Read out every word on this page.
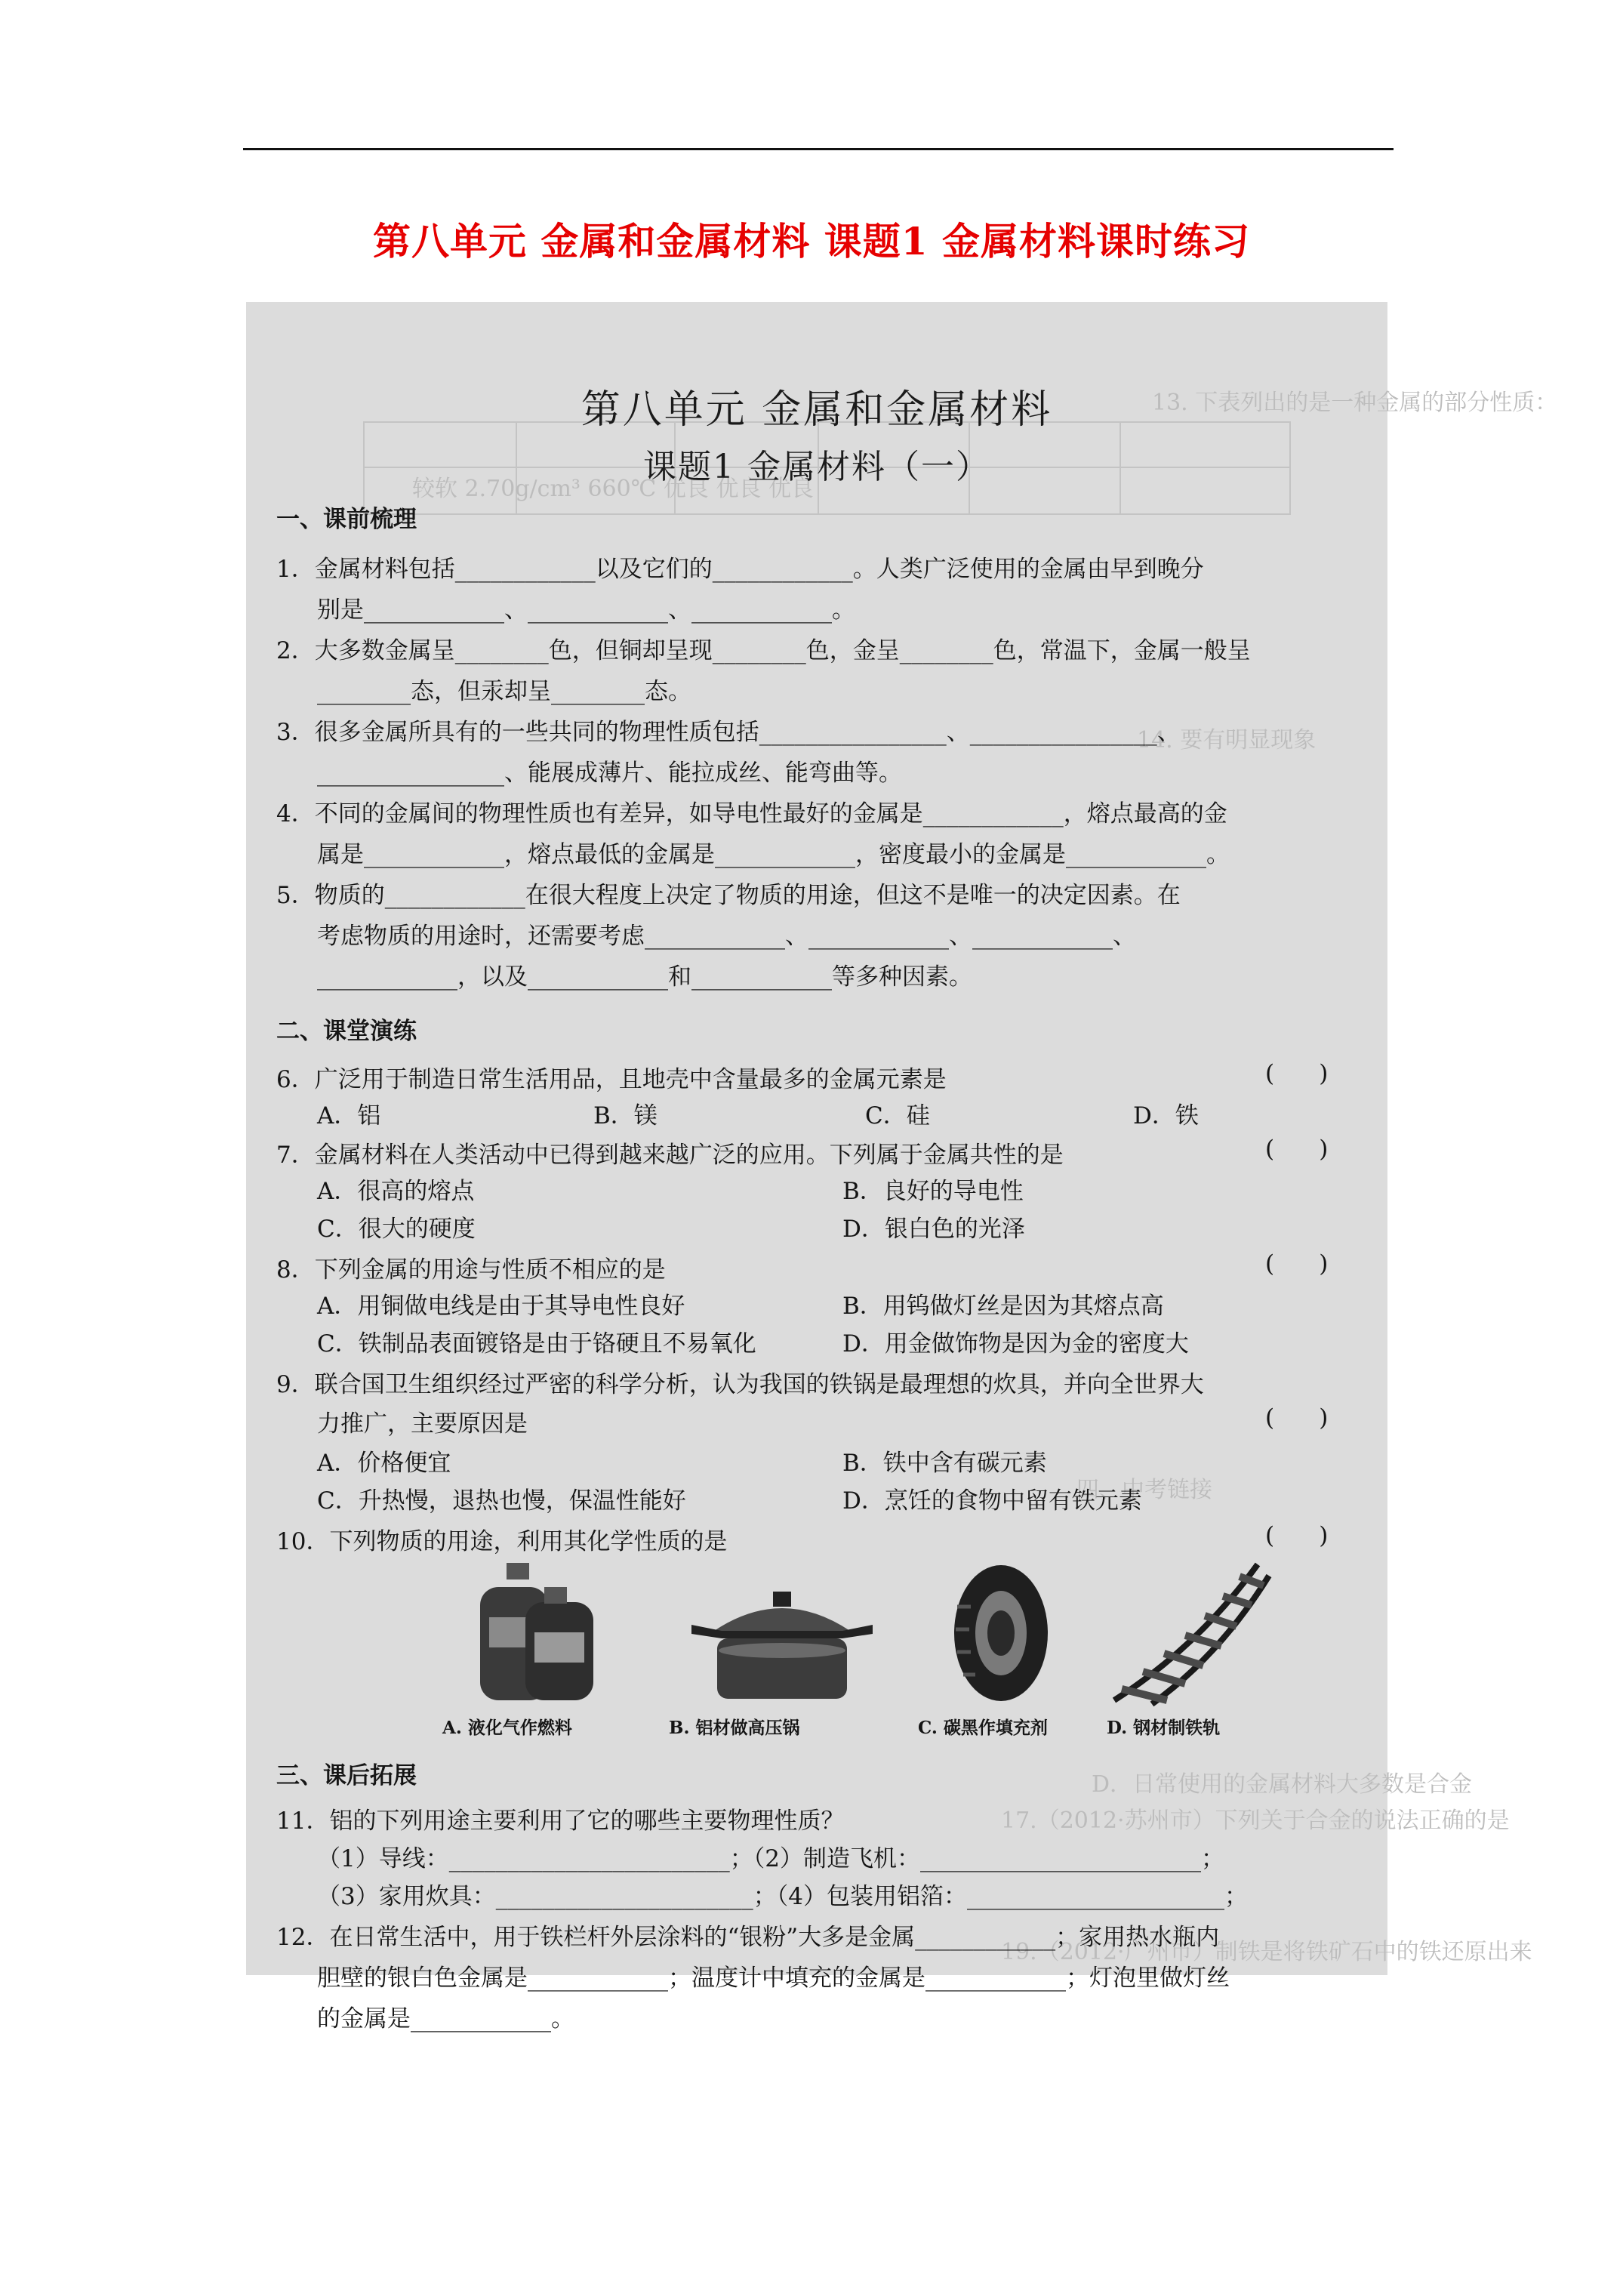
第八单元 金属和金属材料 课题1 金属材料课时练习
13. 下表列出的是一种金属的部分性质：
较软 2.70g/cm³ 660℃ 优良 优良 优良
14. 要有明显现象
四、中考链接
D．日常使用的金属材料大多数是合金
17.（2012·苏州市）下列关于合金的说法正确的是
19.（2012·广州市）制铁是将铁矿石中的铁还原出来
第八单元 金属和金属材料
课题1 金属材料（一）
一、课前梳理
1．金属材料包括____________以及它们的____________。人类广泛使用的金属由早到晚分
别是____________、____________、____________。
2．大多数金属呈________色，但铜却呈现________色，金呈________色，常温下，金属一般呈
________态，但汞却呈________态。
3．很多金属所具有的一些共同的物理性质包括________________、________________、
________________、能展成薄片、能拉成丝、能弯曲等。
4．不同的金属间的物理性质也有差异，如导电性最好的金属是____________，熔点最高的金
属是____________，熔点最低的金属是____________，密度最小的金属是____________。
5．物质的____________在很大程度上决定了物质的用途，但这不是唯一的决定因素。在
考虑物质的用途时，还需要考虑____________、____________、____________、
____________，以及____________和____________等多种因素。
二、课堂演练
6．广泛用于制造日常生活用品，且地壳中含量最多的金属元素是	(      )
A．铝	B．镁	C．硅	D．铁
7．金属材料在人类活动中已得到越来越广泛的应用。下列属于金属共性的是	(      )
A．很高的熔点	B．良好的导电性
C．很大的硬度	D．银白色的光泽
8．下列金属的用途与性质不相应的是	(      )
A．用铜做电线是由于其导电性良好	B．用钨做灯丝是因为其熔点高
C．铁制品表面镀铬是由于铬硬且不易氧化	D．用金做饰物是因为金的密度大
9．联合国卫生组织经过严密的科学分析，认为我国的铁锅是最理想的炊具，并向全世界大
力推广，主要原因是	(      )
A．价格便宜	B．铁中含有碳元素
C．升热慢，退热也慢，保温性能好	D．烹饪的食物中留有铁元素
10．下列物质的用途，利用其化学性质的是	(      )
A. 液化气作燃料	B. 铝材做高压锅	C. 碳黑作填充剂	D. 钢材制铁轨
三、课后拓展
11．铝的下列用途主要利用了它的哪些主要物理性质？
（1）导线：________________________；（2）制造飞机：________________________；
（3）家用炊具：______________________；（4）包装用铝箔：______________________；
12．在日常生活中，用于铁栏杆外层涂料的“银粉”大多是金属____________；家用热水瓶内
胆壁的银白色金属是____________；温度计中填充的金属是____________；灯泡里做灯丝
的金属是____________。
